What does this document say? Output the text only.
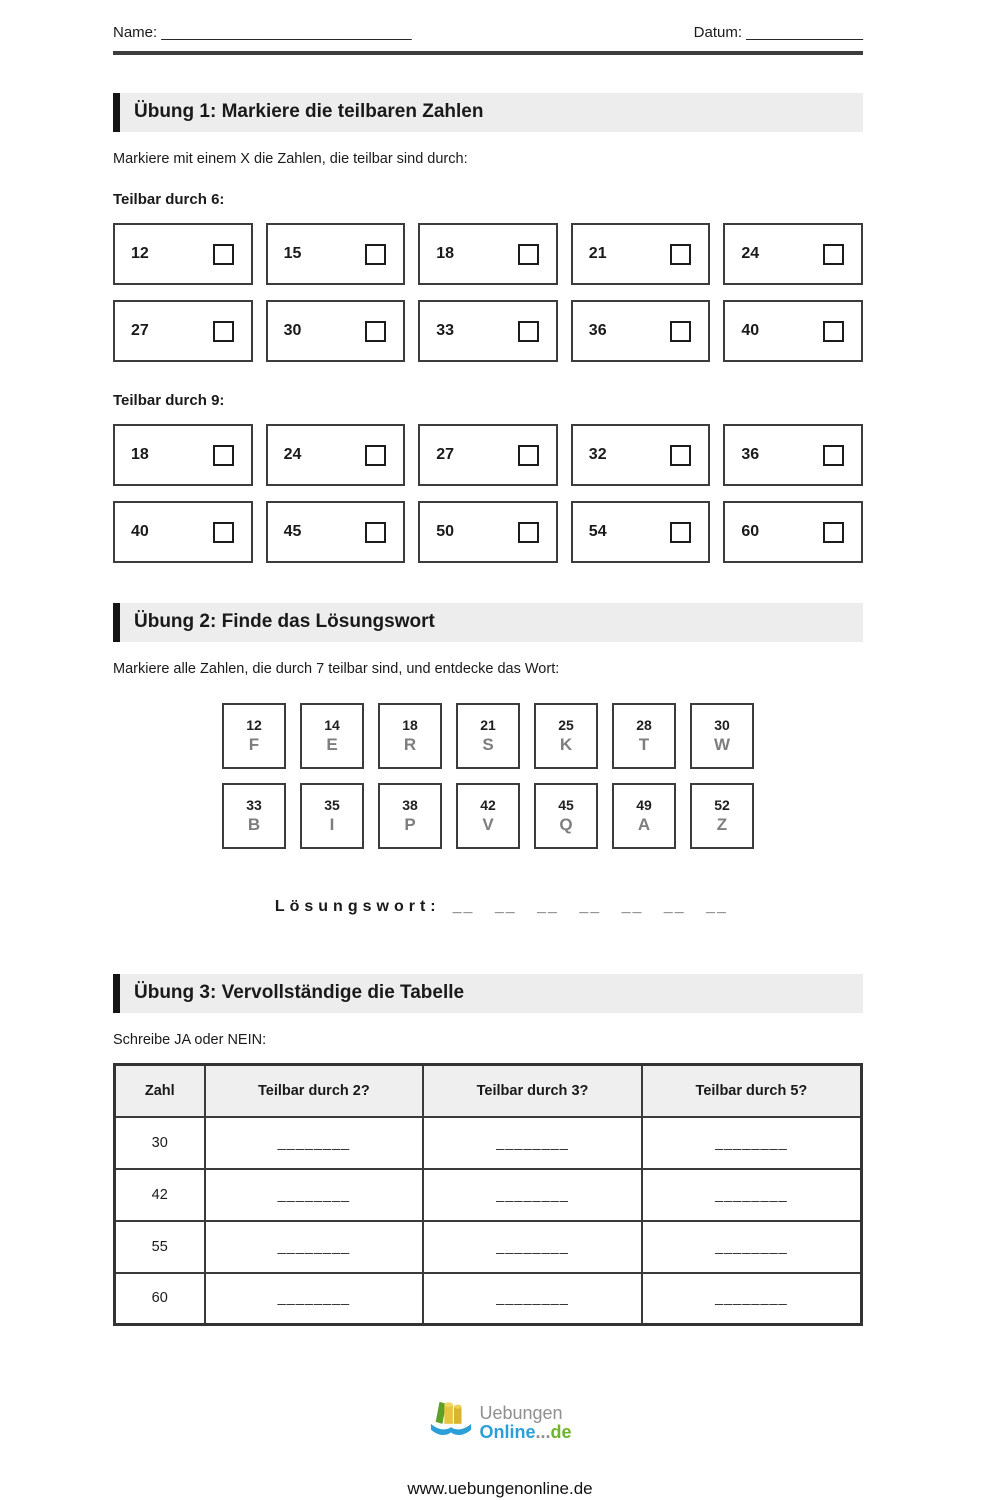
Name: ______________________________	Datum: ______________
Übung 1: Markiere die teilbaren Zahlen
Markiere mit einem X die Zahlen, die teilbar sind durch:
Teilbar durch 6:
12	15	18	21	24
27	30	33	36	40
Teilbar durch 9:
18	24	27	32	36
40	45	50	54	60
Übung 2: Finde das Lösungswort
Markiere alle Zahlen, die durch 7 teilbar sind, und entdecke das Wort:
12
F
14
E
18
R
21
S
25
K
28
T
30
W
33
B
35
I
38
P
42
V
45
Q
49
A
52
Z

Lösungswort: __ __ __ __ __ __ __

Übung 3: Vervollständige die Tabelle
Schreibe JA oder NEIN:
Zahl	Teilbar durch 2?	Teilbar durch 3?	Teilbar durch 5?
30	________	________	________
42	________	________	________
55	________	________	________
60	________	________	________
Uebungen
Online...de
www.uebungenonline.de
